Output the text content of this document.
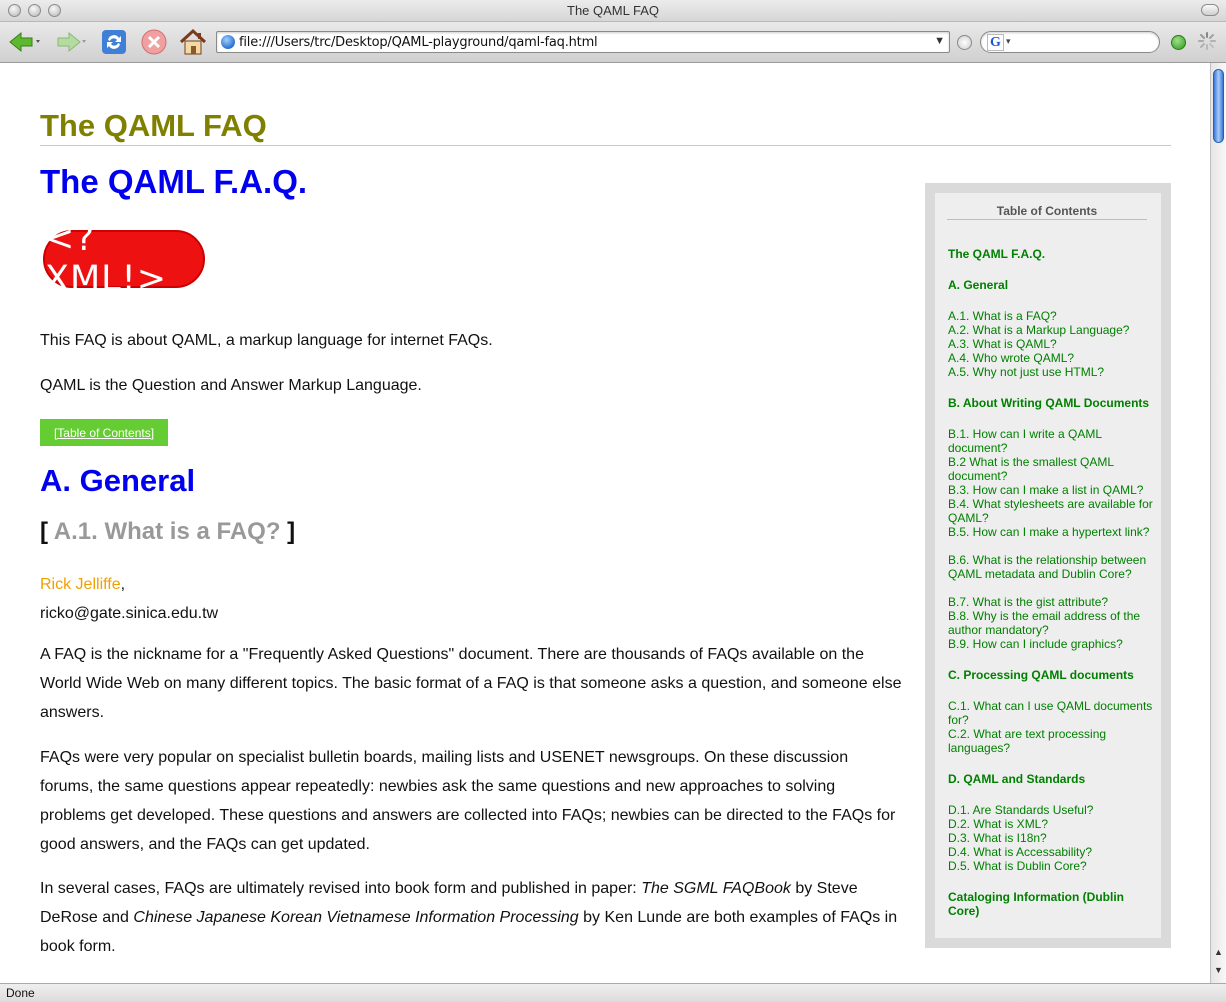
The QAML FAQ
file:///Users/trc/Desktop/QAML-playground/qaml-faq.html	▼	G ▾
The QAML FAQ
The QAML F.A.Q.
<?XML!>
This FAQ is about QAML, a markup language for internet FAQs.
QAML is the Question and Answer Markup Language.
[Table of Contents]
A. General
[ A.1. What is a FAQ? ]
Rick Jelliffe,
ricko@gate.sinica.edu.tw
A FAQ is the nickname for a "Frequently Asked Questions" document. There are thousands of FAQs available on the World Wide Web on many different topics. The basic format of a FAQ is that someone asks a question, and someone else answers.
FAQs were very popular on specialist bulletin boards, mailing lists and USENET newsgroups. On these discussion forums, the same questions appear repeatedly: newbies ask the same questions and new approaches to solving problems get developed. These questions and answers are collected into FAQs; newbies can be directed to the FAQs for good answers, and the FAQs can get updated.
In several cases, FAQs are ultimately revised into book form and published in paper: The SGML FAQBook by Steve DeRose and Chinese Japanese Korean Vietnamese Information Processing by Ken Lunde are both examples of FAQs in book form.
Table of Contents
The QAML F.A.Q.
A. General
A.1. What is a FAQ?
A.2. What is a Markup Language?
A.3. What is QAML?
A.4. Who wrote QAML?
A.5. Why not just use HTML?
B. About Writing QAML Documents
B.1. How can I write a QAML document?
B.2 What is the smallest QAML document?
B.3. How can I make a list in QAML?
B.4. What stylesheets are available for QAML?
B.5. How can I make a hypertext link?
B.6. What is the relationship between QAML metadata and Dublin Core?
B.7. What is the gist attribute?
B.8. Why is the email address of the author mandatory?
B.9. How can I include graphics?
C. Processing QAML documents
C.1. What can I use QAML documents for?
C.2. What are text processing languages?
D. QAML and Standards
D.1. Are Standards Useful?
D.2. What is XML?
D.3. What is I18n?
D.4. What is Accessability?
D.5. What is Dublin Core?
Cataloging Information (Dublin Core)
▲
▼
Done
